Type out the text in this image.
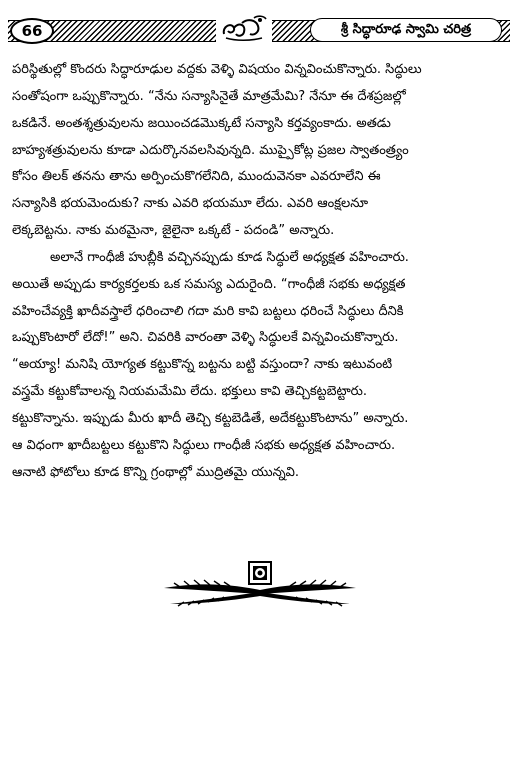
66	శ్రీ సిద్ధారూఢ స్వామి చరిత్ర
పరిస్థితుల్లో కొందరు సిద్ధారూఢుల వద్దకు వెళ్ళి విషయం విన్నవించుకొన్నారు. సిద్ధులు
సంతోషంగా ఒప్పుకొన్నారు. “నేను సన్యాసినైతే మాత్రమేమి? నేనూ ఈ దేశప్రజల్లో
ఒకడినే. అంతశ్శత్రువులను జయించడమొక్కటే సన్యాసి కర్తవ్యంకాదు. అతడు
బాహ్యశత్రువులను కూడా ఎదుర్కొనవలసివున్నది. ముప్పైకోట్ల ప్రజల స్వాతంత్ర్యం
కోసం తిలక్ తనను తాను అర్పించుకొగలేనిది, ముందువెనకా ఎవరూలేని ఈ
సన్యాసికి భయమెందుకు? నాకు ఎవరి భయమూ లేదు. ఎవరి ఆంక్షలనూ
లెక్కబెట్టను. నాకు మఠమైనా, జైలైనా ఒక్కటే - పదండి” అన్నారు.
అలానే గాంధీజీ హుబ్లీకి వచ్చినప్పుడు కూడ సిద్ధులే అధ్యక్షత వహించారు.
అయితే అప్పుడు కార్యకర్తలకు ఒక సమస్య ఎదురైంది. “గాంధీజీ సభకు అధ్యక్షత
వహించేవ్యక్తి ఖాదీవస్త్రాలే ధరించాలి గదా మరి కావి బట్టలు ధరించే సిద్ధులు దీనికి
ఒప్పుకొంటారో లేదో!” అని. చివరికి వారంతా వెళ్ళి సిద్ధులకే విన్నవించుకొన్నారు.
“అయ్యా! మనిషి యోగ్యత కట్టుకొన్న బట్టను బట్టి వస్తుందా? నాకు ఇటువంటి
వస్త్రమే కట్టుకోవాలన్న నియమమేమి లేదు. భక్తులు కావి తెచ్చికట్టబెట్టారు.
కట్టుకొన్నాను. ఇప్పుడు మీరు ఖాదీ తెచ్చి కట్టబెడితే, అదేకట్టుకొంటాను” అన్నారు.
ఆ విధంగా ఖాదీబట్టలు కట్టుకొని సిద్ధులు గాంధీజీ సభకు అధ్యక్షత వహించారు.
ఆనాటి ఫోటోలు కూడ కొన్ని గ్రంథాల్లో ముద్రితమై యున్నవి.
